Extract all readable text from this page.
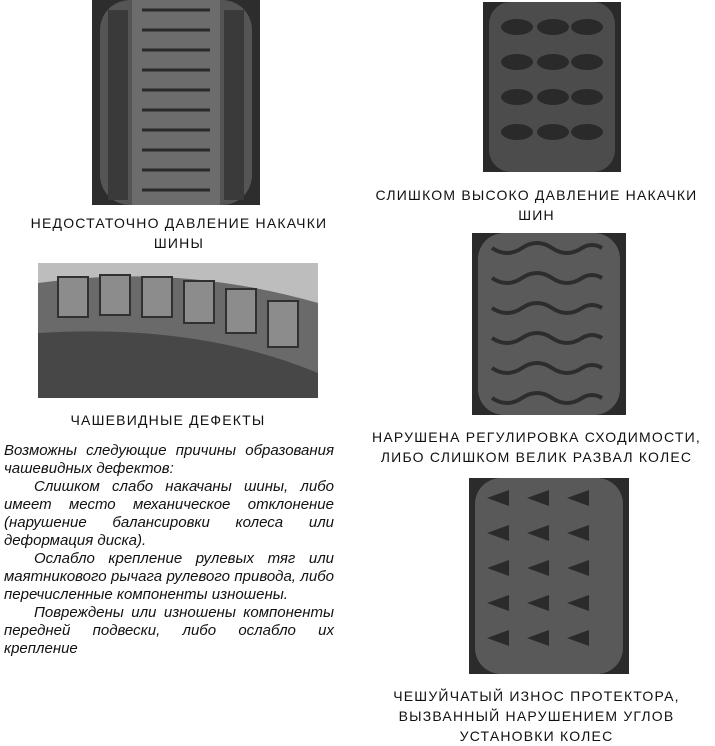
НЕДОСТАТОЧНО ДАВЛЕНИЕ НАКАЧКИ
ШИНЫ
СЛИШКОМ ВЫСОКО ДАВЛЕНИЕ НАКАЧКИ
ШИН
ЧАШЕВИДНЫЕ ДЕФЕКТЫ
НАРУШЕНА РЕГУЛИРОВКА СХОДИМОСТИ,
ЛИБО СЛИШКОМ ВЕЛИК РАЗВАЛ КОЛЕС
ЧЕШУЙЧАТЫЙ ИЗНОС ПРОТЕКТОРА,
ВЫЗВАННЫЙ НАРУШЕНИЕМ УГЛОВ
УСТАНОВКИ КОЛЕС

Возможны следующие причины образования чашевидных дефектов:

Слишком слабо накачаны шины, либо имеет место механическое отклонение (нарушение балансировки колеса или деформация диска).

Ослабло крепление рулевых тяг или маятникового рычага рулевого привода, либо перечисленные компоненты изношены.

Повреждены или изношены компоненты передней подвески, либо ослабло их крепление
